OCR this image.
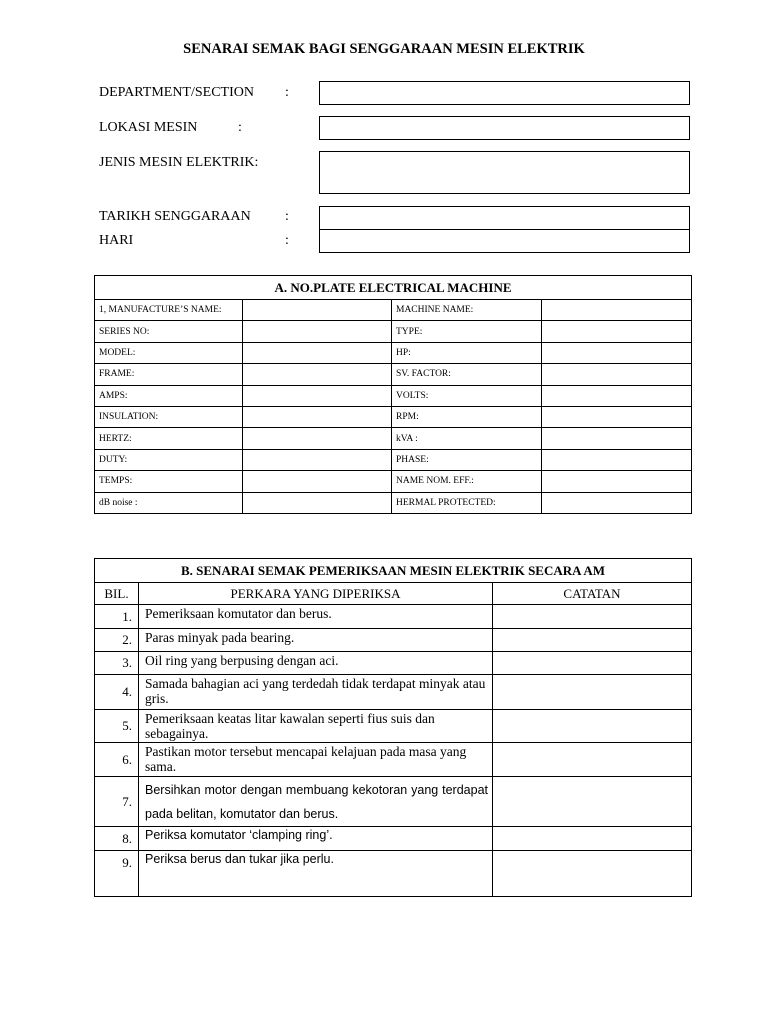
SENARAI SEMAK BAGI SENGGARAAN MESIN ELEKTRIK
DEPARTMENT/SECTION :
LOKASI MESIN	:
JENIS MESIN ELEKTRIK:
TARIKH SENGGARAAN :
HARI	:
A. NO.PLATE ELECTRICAL MACHINE			
1, MANUFACTURE’S NAME:		MACHINE NAME:	
SERIES NO:		TYPE:	
MODEL:		HP:	
FRAME:		SV. FACTOR:	
AMPS:		VOLTS:	
INSULATION:		RPM:	
HERTZ:		kVA :	
DUTY:		PHASE:	
TEMPS:		NAME NOM. EFF.:	
dB noise :		HERMAL PROTECTED:	
B. SENARAI SEMAK PEMERIKSAAN MESIN ELEKTRIK SECARA AM		
BIL.	PERKARA YANG DIPERIKSA	CATATAN
1.	Pemeriksaan komutator dan berus.	
2.	Paras minyak pada bearing.	
3.	Oil ring yang berpusing dengan aci.	
4.	Samada bahagian aci yang terdedah tidak terdapat minyak atau gris.	
5.	Pemeriksaan keatas litar kawalan seperti fius suis dan sebagainya.	
6.	Pastikan motor tersebut mencapai kelajuan pada masa yang sama.	
7.	Bersihkan motor dengan membuang kekotoran yang terdapat pada belitan, komutator dan berus.	
8.	Periksa komutator ‘clamping ring’.	
9.	Periksa berus dan tukar jika perlu.	
